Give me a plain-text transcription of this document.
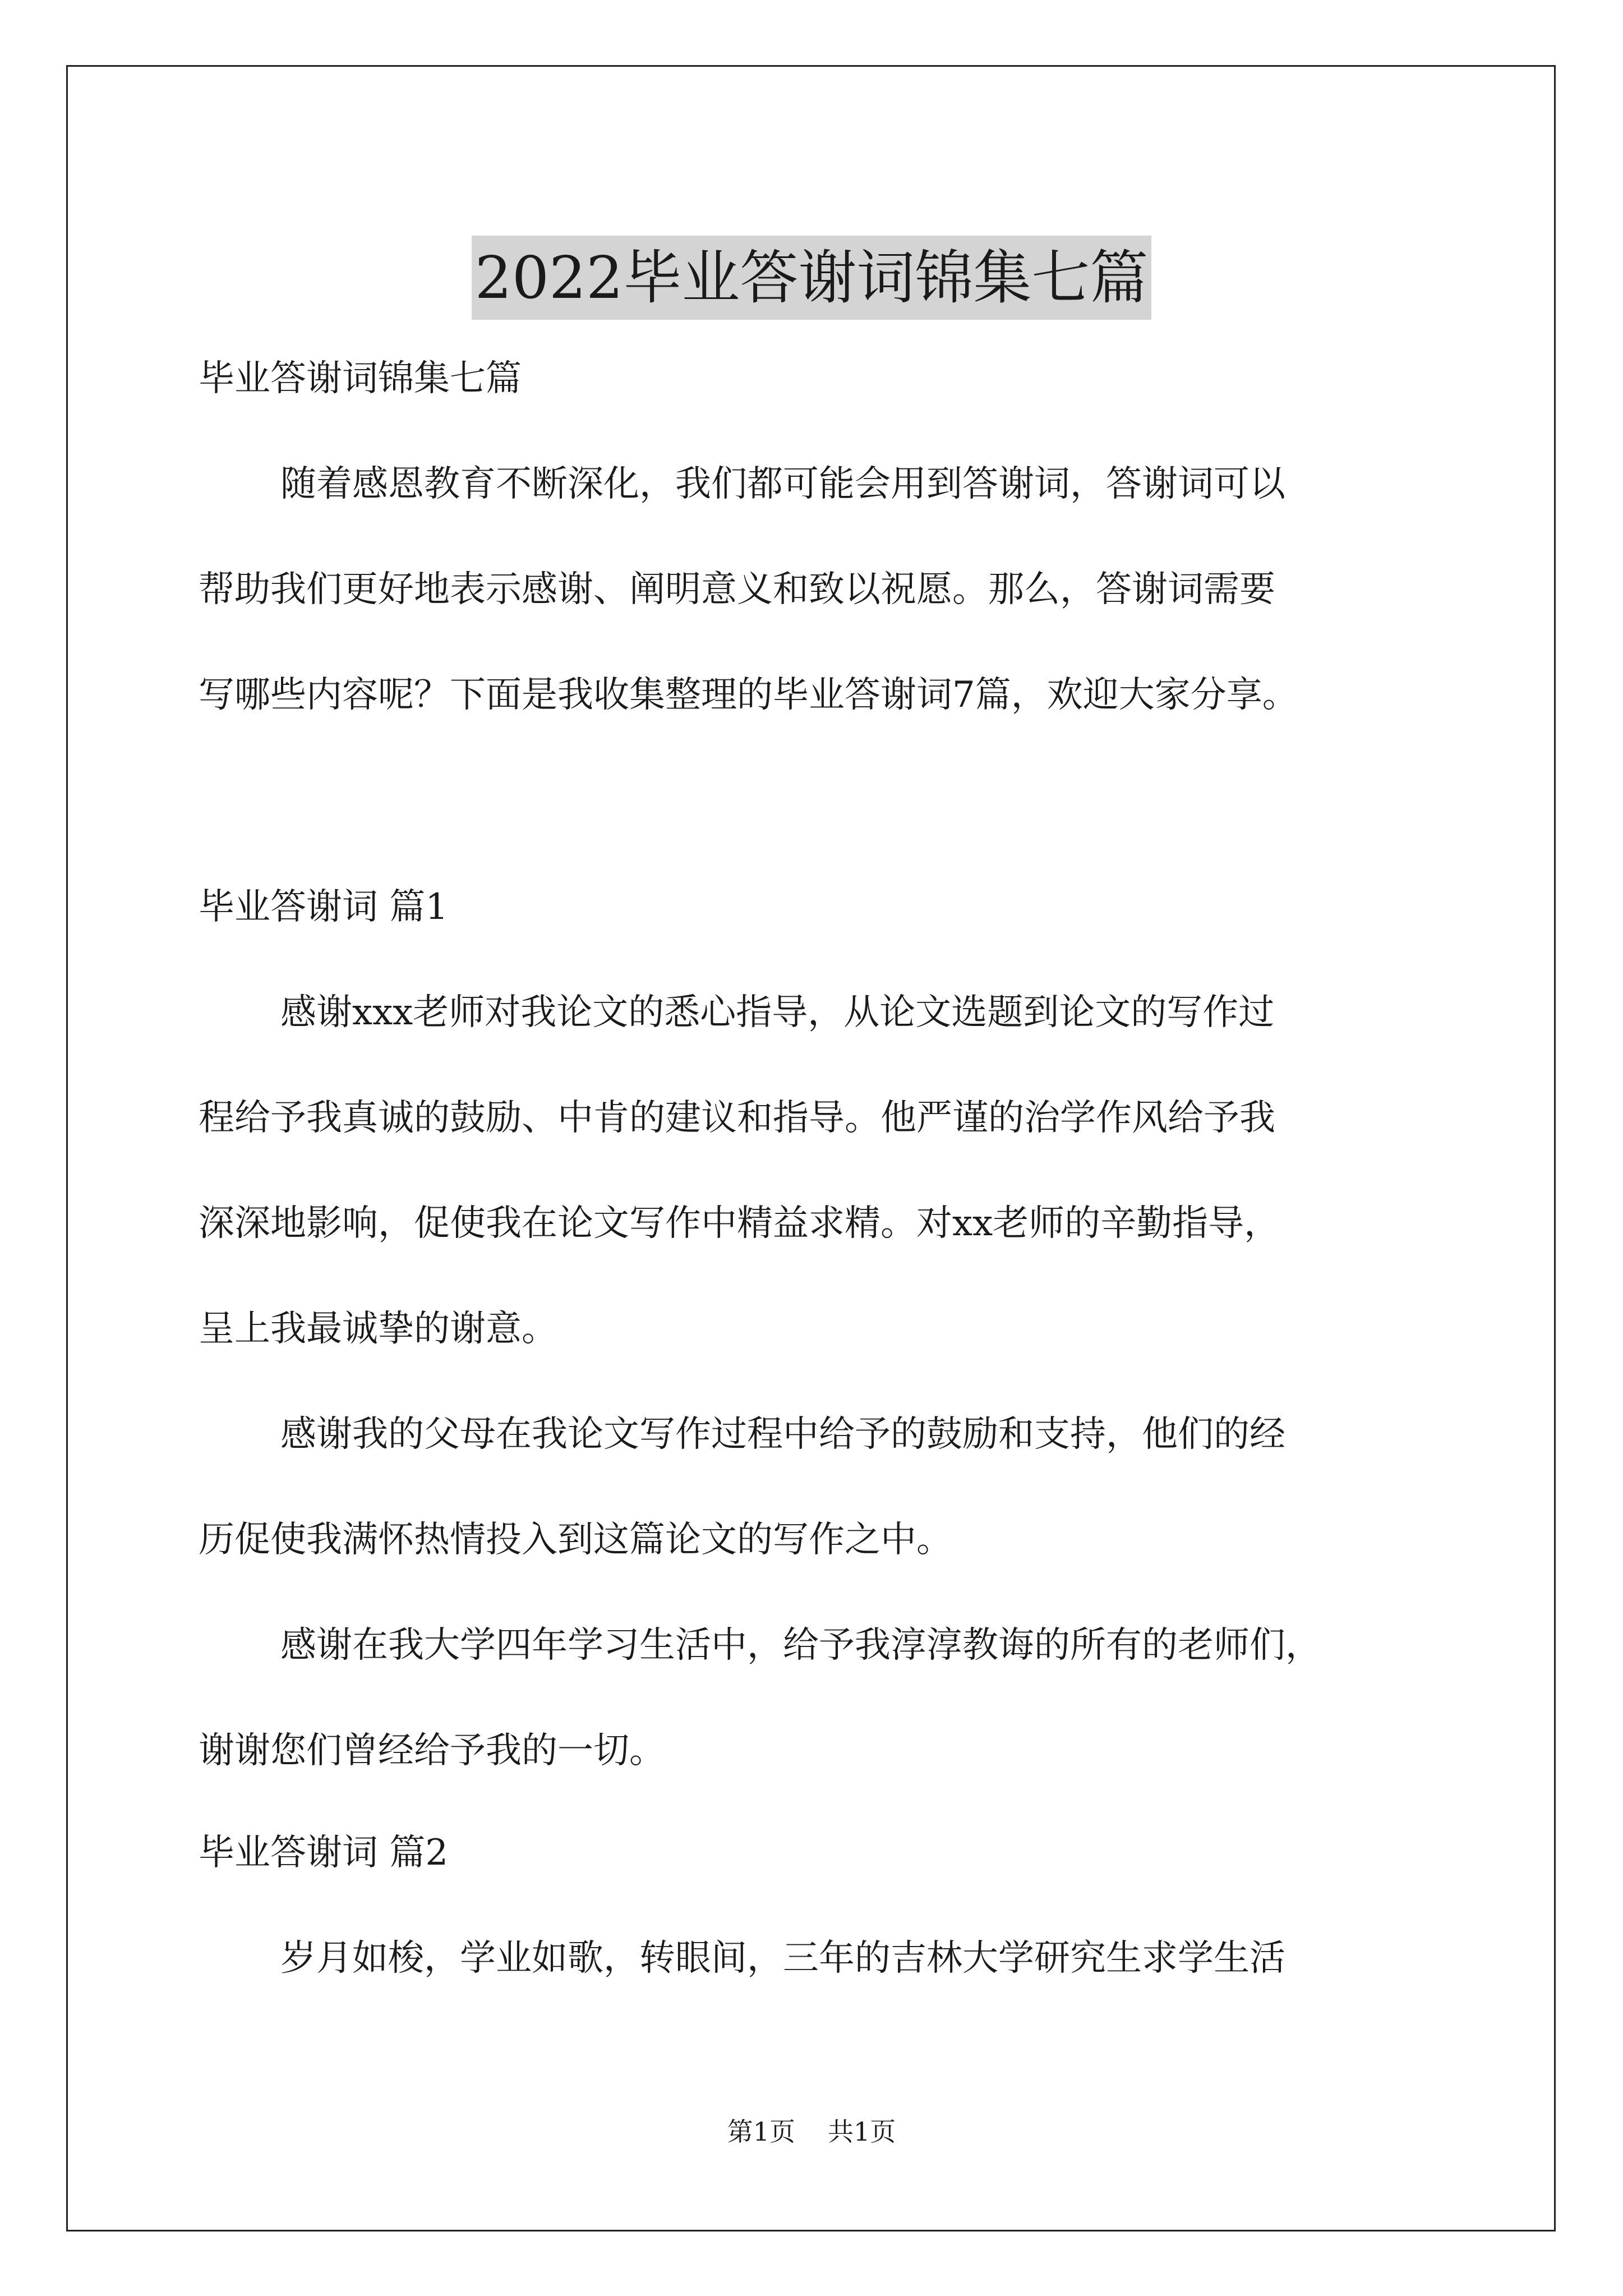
2022毕业答谢词锦集七篇
毕业答谢词锦集七篇
随着感恩教育不断深化，我们都可能会用到答谢词，答谢词可以
帮助我们更好地表示感谢、阐明意义和致以祝愿。那么，答谢词需要
写哪些内容呢？下面是我收集整理的毕业答谢词7篇，欢迎大家分享。
毕业答谢词 篇1
感谢xxx老师对我论文的悉心指导，从论文选题到论文的写作过
程给予我真诚的鼓励、中肯的建议和指导。他严谨的治学作风给予我
深深地影响，促使我在论文写作中精益求精。对xx老师的辛勤指导，
呈上我最诚挚的谢意。
感谢我的父母在我论文写作过程中给予的鼓励和支持，他们的经
历促使我满怀热情投入到这篇论文的写作之中。
感谢在我大学四年学习生活中，给予我淳淳教诲的所有的老师们，
谢谢您们曾经给予我的一切。
毕业答谢词 篇2
岁月如梭，学业如歌，转眼间，三年的吉林大学研究生求学生活
第1页 共1页
